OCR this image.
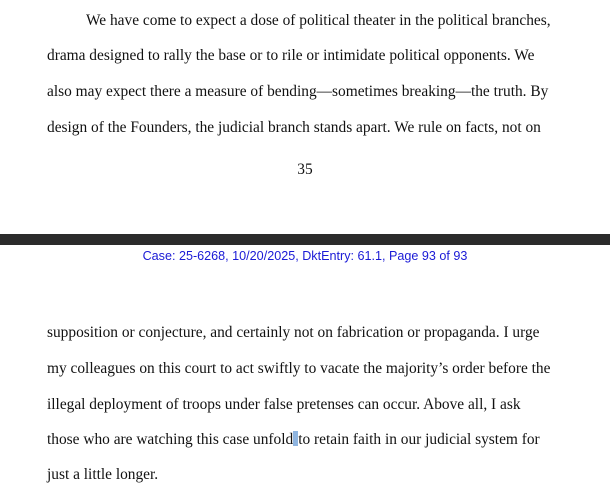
We have come to expect a dose of political theater in the political branches,
drama designed to rally the base or to rile or intimidate political opponents. We
also may expect there a measure of bending—sometimes breaking—the truth. By
design of the Founders, the judicial branch stands apart. We rule on facts, not on
35
Case: 25-6268, 10/20/2025, DktEntry: 61.1, Page 93 of 93
supposition or conjecture, and certainly not on fabrication or propaganda. I urge
my colleagues on this court to act swiftly to vacate the majority’s order before the
illegal deployment of troops under false pretenses can occur. Above all, I ask
those who are watching this case unfold to retain faith in our judicial system for
just a little longer.
